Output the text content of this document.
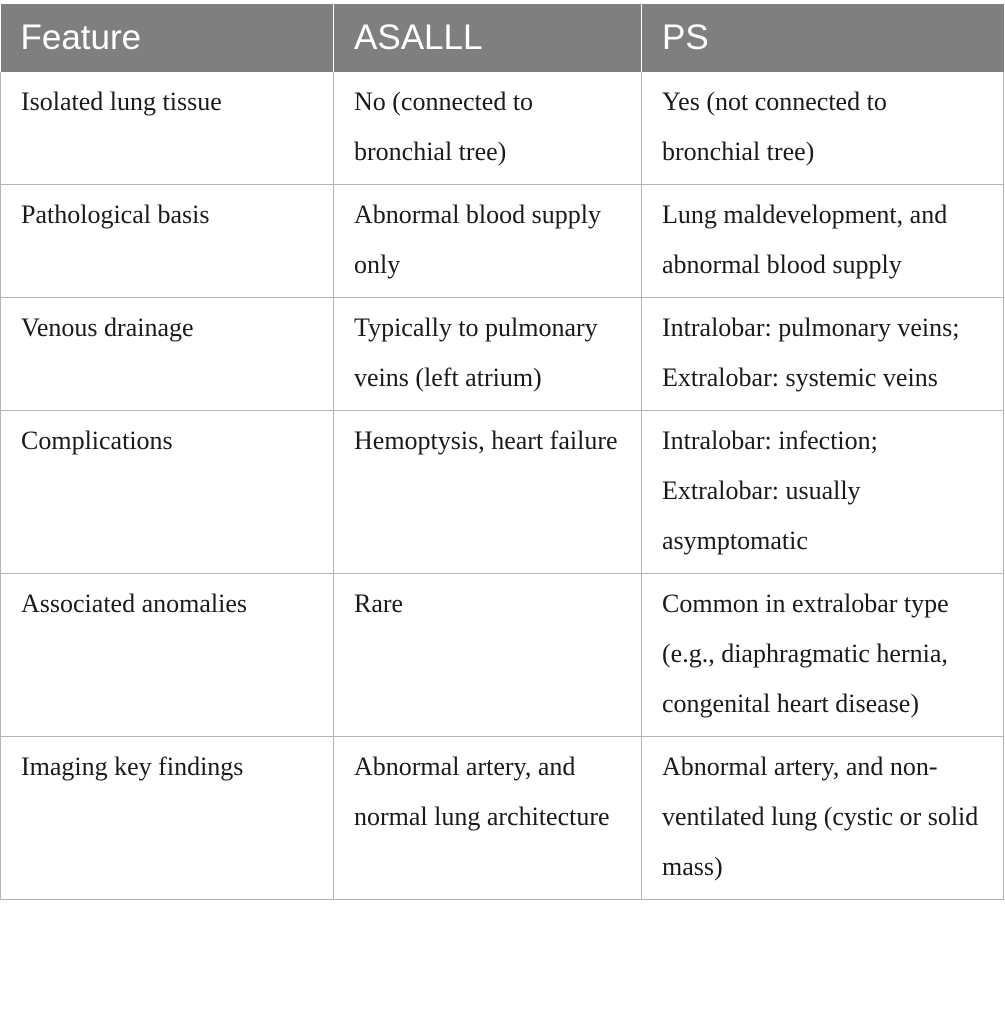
Feature	ASALLL	PS
Isolated lung tissue	No (connected to bronchial tree)	Yes (not connected to bronchial tree)
Pathological basis	Abnormal blood supply only	Lung maldevelopment, and abnormal blood supply
Venous drainage	Typically to pulmonary veins (left atrium)	Intralobar: pulmonary veins; Extralobar: systemic veins
Complications	Hemoptysis, heart failure	Intralobar: infection; Extralobar: usually asymptomatic
Associated anomalies	Rare	Common in extralobar type (e.g., diaphragmatic hernia, congenital heart disease)
Imaging key findings	Abnormal artery, and normal lung architecture	Abnormal artery, and non-ventilated lung (cystic or solid mass)
